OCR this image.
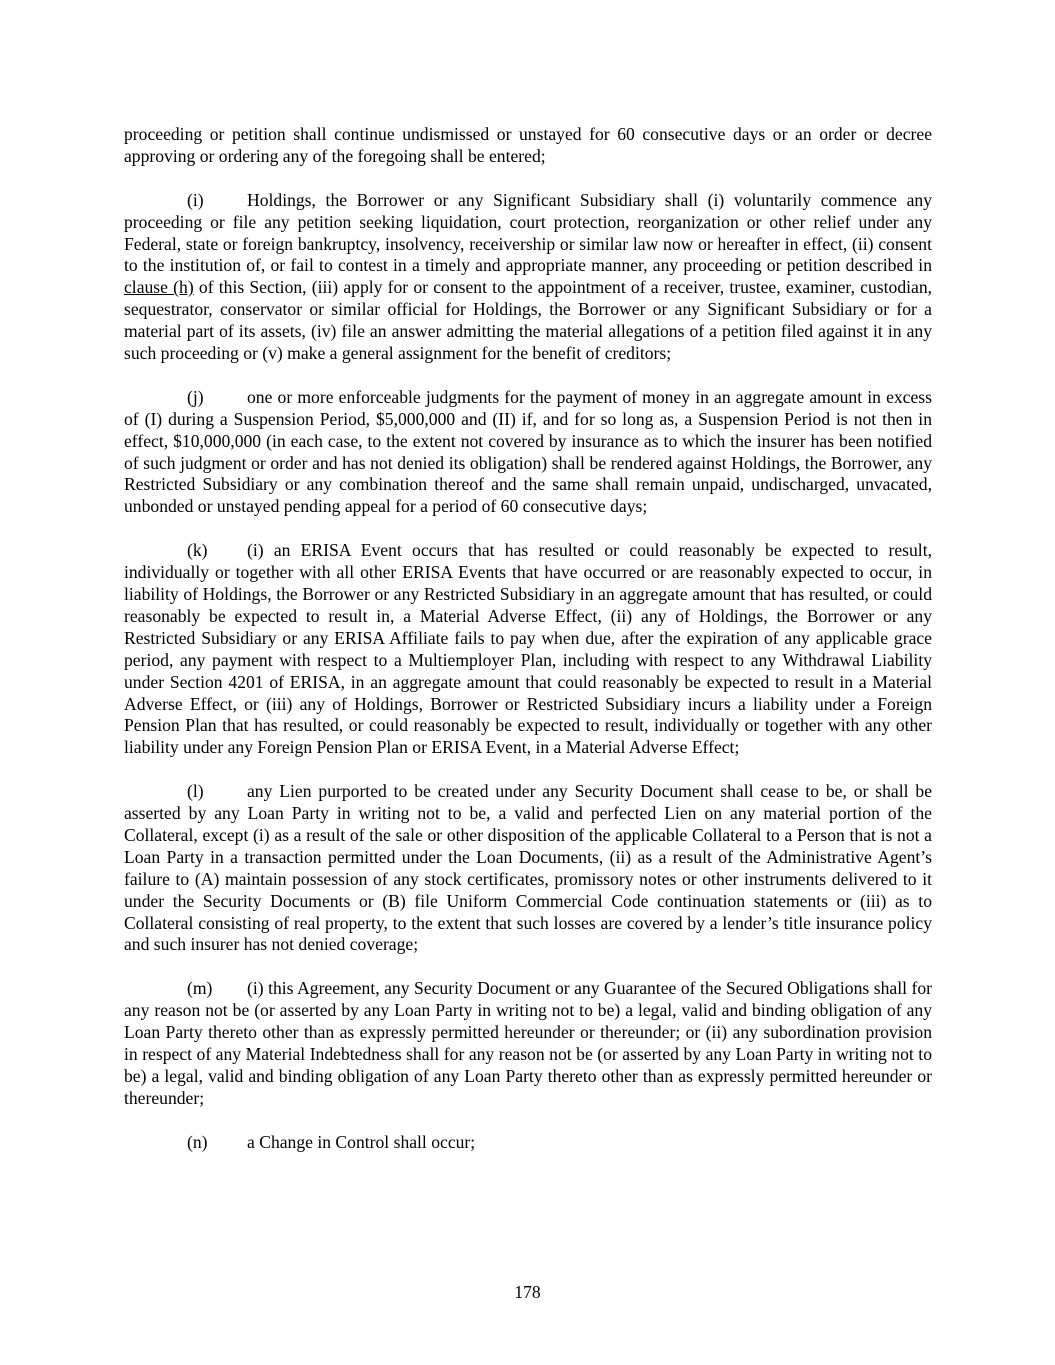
proceeding or petition shall continue undismissed or unstayed for 60 consecutive days or an order or decree approving or ordering any of the foregoing shall be entered;

(i) Holdings, the Borrower or any Significant Subsidiary shall (i) voluntarily commence any proceeding or file any petition seeking liquidation, court protection, reorganization or other relief under any Federal, state or foreign bankruptcy, insolvency, receivership or similar law now or hereafter in effect, (ii) consent to the institution of, or fail to contest in a timely and appropriate manner, any proceeding or petition described in clause (h) of this Section, (iii) apply for or consent to the appointment of a receiver, trustee, examiner, custodian, sequestrator, conservator or similar official for Holdings, the Borrower or any Significant Subsidiary or for a material part of its assets, (iv) file an answer admitting the material allegations of a petition filed against it in any such proceeding or (v) make a general assignment for the benefit of creditors;

(j) one or more enforceable judgments for the payment of money in an aggregate amount in excess of (I) during a Suspension Period, $5,000,000 and (II) if, and for so long as, a Suspension Period is not then in effect, $10,000,000 (in each case, to the extent not covered by insurance as to which the insurer has been notified of such judgment or order and has not denied its obligation) shall be rendered against Holdings, the Borrower, any Restricted Subsidiary or any combination thereof and the same shall remain unpaid, undischarged, unvacated, unbonded or unstayed pending appeal for a period of 60 consecutive days;

(k) (i) an ERISA Event occurs that has resulted or could reasonably be expected to result, individually or together with all other ERISA Events that have occurred or are reasonably expected to occur, in liability of Holdings, the Borrower or any Restricted Subsidiary in an aggregate amount that has resulted, or could reasonably be expected to result in, a Material Adverse Effect, (ii) any of Holdings, the Borrower or any Restricted Subsidiary or any ERISA Affiliate fails to pay when due, after the expiration of any applicable grace period, any payment with respect to a Multiemployer Plan, including with respect to any Withdrawal Liability under Section 4201 of ERISA, in an aggregate amount that could reasonably be expected to result in a Material Adverse Effect, or (iii) any of Holdings, Borrower or Restricted Subsidiary incurs a liability under a Foreign Pension Plan that has resulted, or could reasonably be expected to result, individually or together with any other liability under any Foreign Pension Plan or ERISA Event, in a Material Adverse Effect;

(l) any Lien purported to be created under any Security Document shall cease to be, or shall be asserted by any Loan Party in writing not to be, a valid and perfected Lien on any material portion of the Collateral, except (i) as a result of the sale or other disposition of the applicable Collateral to a Person that is not a Loan Party in a transaction permitted under the Loan Documents, (ii) as a result of the Administrative Agent’s failure to (A) maintain possession of any stock certificates, promissory notes or other instruments delivered to it under the Security Documents or (B) file Uniform Commercial Code continuation statements or (iii) as to Collateral consisting of real property, to the extent that such losses are covered by a lender’s title insurance policy and such insurer has not denied coverage;

(m) (i) this Agreement, any Security Document or any Guarantee of the Secured Obligations shall for any reason not be (or asserted by any Loan Party in writing not to be) a legal, valid and binding obligation of any Loan Party thereto other than as expressly permitted hereunder or thereunder; or (ii) any subordination provision in respect of any Material Indebtedness shall for any reason not be (or asserted by any Loan Party in writing not to be) a legal, valid and binding obligation of any Loan Party thereto other than as expressly permitted hereunder or thereunder;

(n) a Change in Control shall occur;

178
